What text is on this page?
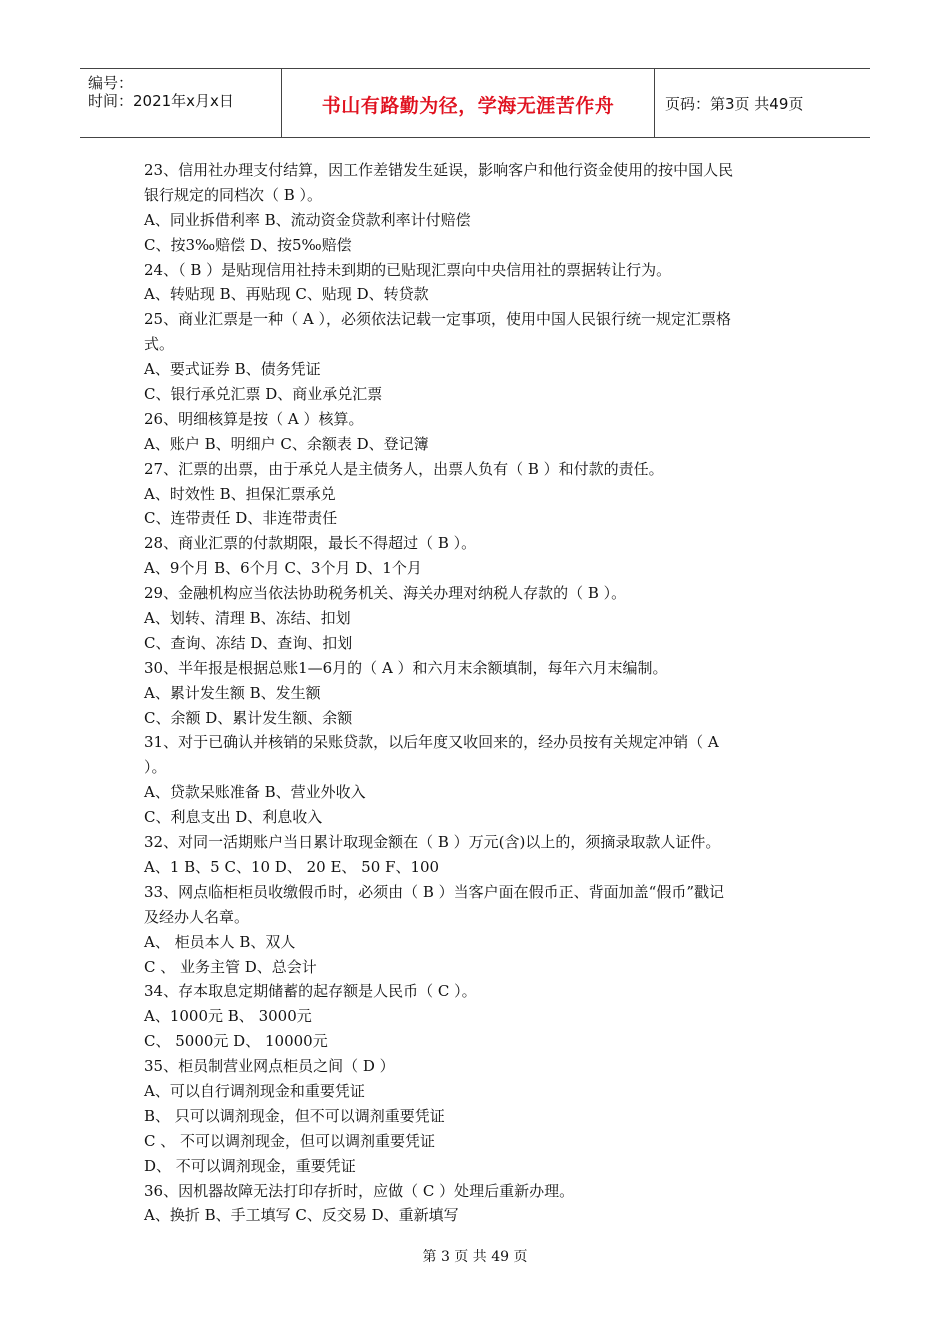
编号：
时间：2021年x月x日	书山有路勤为径，学海无涯苦作舟	页码：第3页 共49页
23、信用社办理支付结算，因工作差错发生延误，影响客户和他行资金使用的按中国人民
银行规定的同档次（ B ）。
A、同业拆借利率 B、流动资金贷款利率计付赔偿
C、按3‰赔偿 D、按5‰赔偿
24、（ B ）是贴现信用社持未到期的已贴现汇票向中央信用社的票据转让行为。
A、转贴现 B、再贴现 C、贴现 D、转贷款
25、商业汇票是一种（ A ），必须依法记载一定事项，使用中国人民银行统一规定汇票格
式。
A、要式证券 B、债务凭证
C、银行承兑汇票 D、商业承兑汇票
26、明细核算是按（ A ）核算。
A、账户 B、明细户 C、余额表 D、登记簿
27、汇票的出票，由于承兑人是主债务人，出票人负有（ B ）和付款的责任。
A、时效性 B、担保汇票承兑
C、连带责任 D、非连带责任
28、商业汇票的付款期限，最长不得超过（ B ）。
A、9个月 B、6个月 C、3个月 D、1个月
29、金融机构应当依法协助税务机关、海关办理对纳税人存款的（ B ）。
A、划转、清理 B、冻结、扣划
C、查询、冻结 D、查询、扣划
30、半年报是根据总账1—6月的（ A ）和六月末余额填制，每年六月末编制。
A、累计发生额 B、发生额
C、余额 D、累计发生额、余额
31、对于已确认并核销的呆账贷款，以后年度又收回来的，经办员按有关规定冲销（ A
）。
A、贷款呆账准备 B、营业外收入
C、利息支出 D、利息收入
32、对同一活期账户当日累计取现金额在（ B ）万元(含)以上的，须摘录取款人证件。
A、1 B、5 C、10 D、 20 E、 50 F、100
33、网点临柜柜员收缴假币时，必须由（ B ）当客户面在假币正、背面加盖“假币”戳记
及经办人名章。
A、 柜员本人 B、双人
C 、 业务主管 D、总会计
34、存本取息定期储蓄的起存额是人民币（ C ）。
A、1000元 B、 3000元
C、 5000元 D、 10000元
35、柜员制营业网点柜员之间（ D ）
A、可以自行调剂现金和重要凭证
B、 只可以调剂现金，但不可以调剂重要凭证
C 、 不可以调剂现金，但可以调剂重要凭证
D、 不可以调剂现金，重要凭证
36、因机器故障无法打印存折时，应做（ C ）处理后重新办理。
A、换折 B、手工填写 C、反交易 D、重新填写
第 3 页 共 49 页
